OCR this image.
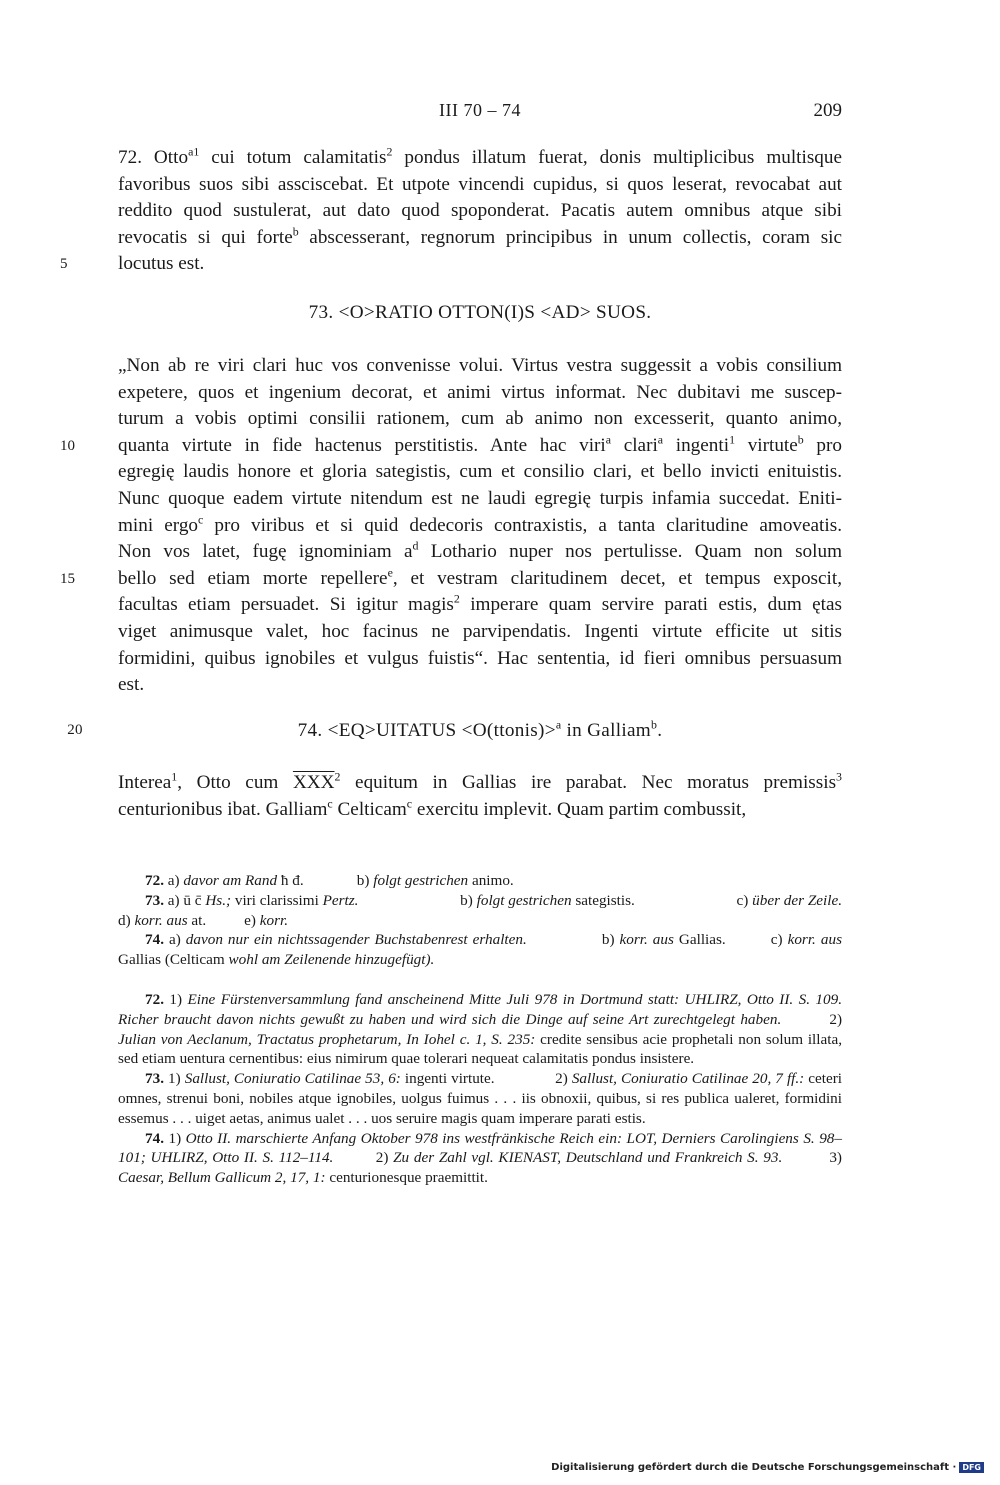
III 70 – 74	209
72. Otto$^{a1}$ cui totum calamitatis$^2$ pondus illatum fuerat, donis multiplicibus multisque
favoribus suos sibi assciscebat. Et utpote vincendi cupidus, si quos leserat, revocabat aut
reddito quod sustulerat, aut dato quod spoponderat. Pacatis autem omnibus atque sibi
revocatis si qui forte$^b$ abscesserant, regnorum principibus in unum collectis, coram sic
locutus est.
5
73. <O>RATIO OTTON(I)S <AD> SUOS.
„Non ab re viri clari huc vos convenisse volui. Virtus vestra suggessit a vobis consilium
expetere, quos et ingenium decorat, et animi virtus informat. Nec dubitavi me suscep-
turum a vobis optimi consilii rationem, cum ab animo non excesserit, quanto animo,
quanta virtute in fide hactenus perstitistis. Ante hac viri$^a$ clari$^a$ ingenti$^1$ virtute$^b$ pro
10
egregię laudis honore et gloria sategistis, cum et consilio clari, et bello invicti enituistis.
Nunc quoque eadem virtute nitendum est ne laudi egregię turpis infamia succedat. Eniti-
mini ergo$^c$ pro viribus et si quid dedecoris contraxistis, a tanta claritudine amoveatis.
Non vos latet, fugę ignominiam $a^d$ Lothario nuper nos pertulisse. Quam non solum
bello sed etiam morte repellere$^e$, et vestram claritudinem decet, et tempus exposcit,
15
facultas etiam persuadet. Si igitur magis$^2$ imperare quam servire parati estis, dum ętas
viget animusque valet, hoc facinus ne parvipendatis. Ingenti virtute efficite ut sitis
formidini, quibus ignobiles et vulgus fuistis“. Hac sententia, id fieri omnibus persuasum
est.
74. <EQ>UITATUS <O(ttonis)>$^a$ in Galliam$^b$.
20
Interea$^1$, Otto cum $\overline{XXX}^2$ equitum in Gallias ire parabat. Nec moratus premissis$^3$
centurionibus ibat. Galliam$^c$ Celticam$^c$ exercitu implevit. Quam partim combussit,
72. a) davor am Rand ħ đ.              b) folgt gestrichen animo.
73. a) ū c̄ Hs.; viri clarissimi Pertz.	b) folgt gestrichen sategistis.	c) über der Zeile.
d) korr. aus at.          e) korr.
74. a) davon nur ein nichtssagender Buchstabenrest erhalten.               b) korr. aus Gallias.         c) korr. aus Gallias (Celticam wohl am Zeilenende hinzugefügt).
72. 1) Eine Fürstenversammlung fand anscheinend Mitte Juli 978 in Dortmund statt: UHLIRZ, Otto II. S. 109. Richer braucht davon nichts gewußt zu haben und wird sich die Dinge auf seine Art zurechtgelegt haben.         2) Julian von Aeclanum, Tractatus prophetarum, In Iohel c. 1, S. 235: credite sensibus acie prophetali non solum illata, sed etiam uentura cernentibus: eius nimirum quae tolerari nequeat calamitatis pondus insistere.
73. 1) Sallust, Coniuratio Catilinae 53, 6: ingenti virtute.               2) Sallust, Coniuratio Catilinae 20, 7 ff.: ceteri omnes, strenui boni, nobiles atque ignobiles, uolgus fuimus . . . iis obnoxii, quibus, si res publica ualeret, formidini essemus . . . uiget aetas, animus ualet . . . uos seruire magis quam imperare parati estis.
74. 1) Otto II. marschierte Anfang Oktober 978 ins westfränkische Reich ein: LOT, Derniers Carolingiens S. 98–101; UHLIRZ, Otto II. S. 112–114.         2) Zu der Zahl vgl. KIENAST, Deutschland und Frankreich S. 93.          3) Caesar, Bellum Gallicum 2, 17, 1: centurionesque praemittit.
Digitalisierung gefördert durch die Deutsche Forschungsgemeinschaft · DFG
